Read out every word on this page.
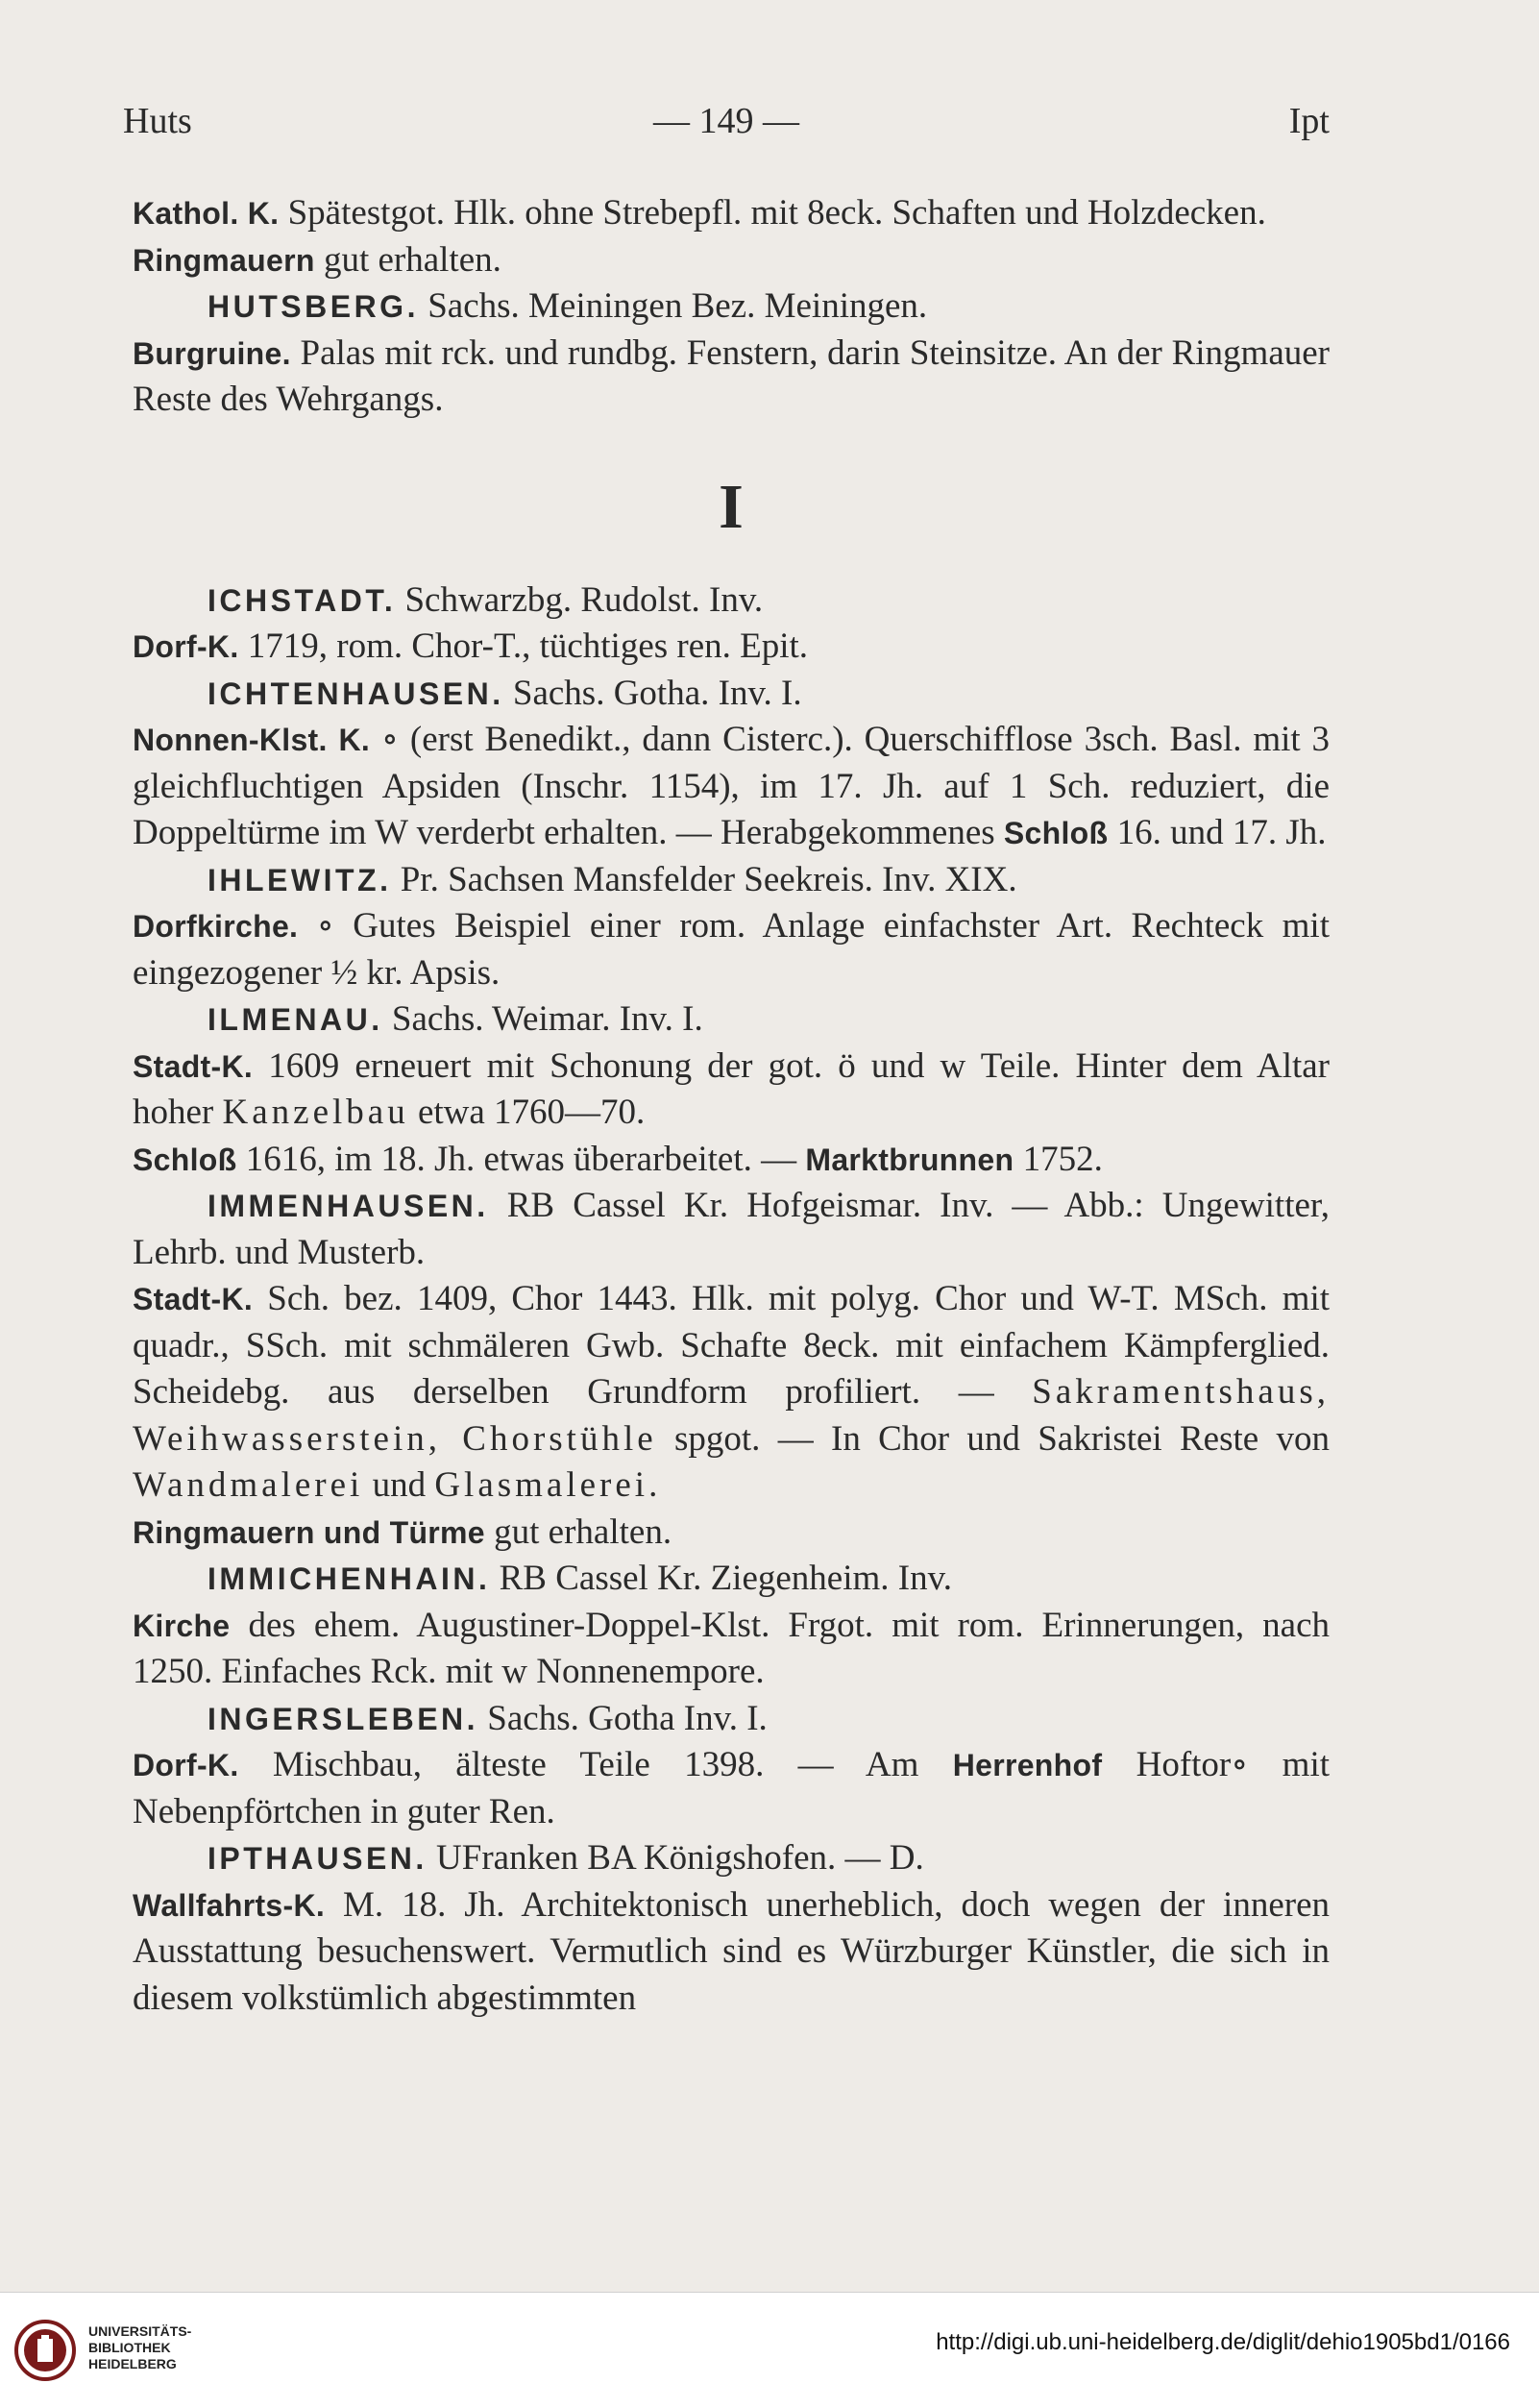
Huts	— 149 —	Ipt

Kathol. K. Spätestgot. Hlk. ohne Strebepfl. mit 8eck. Schaften und Holzdecken.

Ringmauern gut erhalten.

HUTSBERG. Sachs. Meiningen Bez. Meiningen.

Burgruine. Palas mit rck. und rundbg. Fenstern, darin Steinsitze. An der Ringmauer Reste des Wehrgangs.

I

ICHSTADT. Schwarzbg. Rudolst. Inv.

Dorf-K. 1719, rom. Chor-T., tüchtiges ren. Epit.

ICHTENHAUSEN. Sachs. Gotha. Inv. I.

Nonnen-Klst. K. ∘ (erst Benedikt., dann Cisterc.). Querschifflose 3sch. Basl. mit 3 gleichfluchtigen Apsiden (Inschr. 1154), im 17. Jh. auf 1 Sch. reduziert, die Doppeltürme im W verderbt erhalten. — Herabgekommenes Schloß 16. und 17. Jh.

IHLEWITZ. Pr. Sachsen Mansfelder Seekreis. Inv. XIX.

Dorfkirche. ∘ Gutes Beispiel einer rom. Anlage einfachster Art. Rechteck mit eingezogener ½ kr. Apsis.

ILMENAU. Sachs. Weimar. Inv. I.

Stadt-K. 1609 erneuert mit Schonung der got. ö und w Teile. Hinter dem Altar hoher Kanzelbau etwa 1760—70.

Schloß 1616, im 18. Jh. etwas überarbeitet. — Marktbrunnen 1752.

IMMENHAUSEN. RB Cassel Kr. Hofgeismar. Inv. — Abb.: Ungewitter, Lehrb. und Musterb.

Stadt-K. Sch. bez. 1409, Chor 1443. Hlk. mit polyg. Chor und W-T. MSch. mit quadr., SSch. mit schmäleren Gwb. Schafte 8eck. mit einfachem Kämpferglied. Scheidebg. aus derselben Grundform profiliert. — Sakramentshaus, Weihwasserstein, Chorstühle spgot. — In Chor und Sakristei Reste von Wandmalerei und Glasmalerei.

Ringmauern und Türme gut erhalten.

IMMICHENHAIN. RB Cassel Kr. Ziegenheim. Inv.

Kirche des ehem. Augustiner-Doppel-Klst. Frgot. mit rom. Erinnerungen, nach 1250. Einfaches Rck. mit w Nonnenempore.

INGERSLEBEN. Sachs. Gotha Inv. I.

Dorf-K. Mischbau, älteste Teile 1398. — Am Herrenhof Hoftor∘ mit Nebenpförtchen in guter Ren.

IPTHAUSEN. UFranken BA Königshofen. — D.

Wallfahrts-K. M. 18. Jh. Architektonisch unerheblich, doch wegen der inneren Ausstattung besuchenswert. Vermutlich sind es Würzburger Künstler, die sich in diesem volkstümlich abgestimmten

UNIVERSITÄTS-
BIBLIOTHEK
HEIDELBERG
http://digi.ub.uni-heidelberg.de/diglit/dehio1905bd1/0166
